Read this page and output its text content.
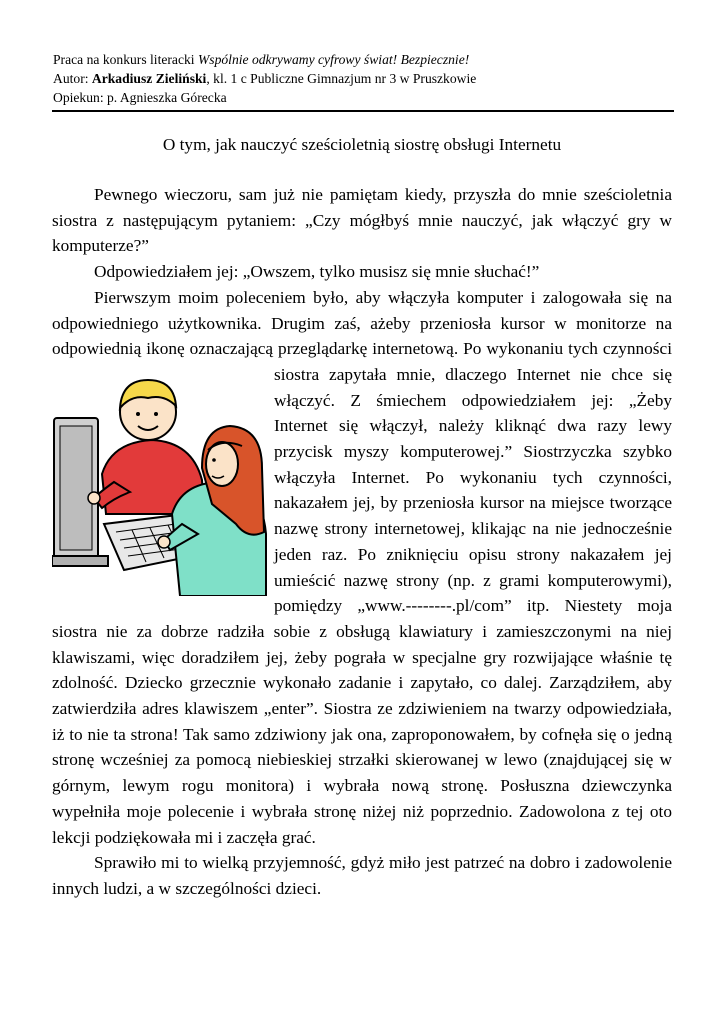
Praca na konkurs literacki Wspólnie odkrywamy cyfrowy świat! Bezpiecznie!
Autor: Arkadiusz Zieliński, kl. 1 c Publiczne Gimnazjum nr 3 w Pruszkowie
Opiekun: p. Agnieszka Górecka
O tym, jak nauczyć sześcioletnią siostrę obsługi Internetu

Pewnego wieczoru, sam już nie pamiętam kiedy, przyszła do mnie sześcioletnia siostra z następującym pytaniem: „Czy mógłbyś mnie nauczyć, jak włączyć gry w komputerze?”

Odpowiedziałem jej: „Owszem, tylko musisz się mnie słuchać!”

Pierwszym moim poleceniem było, aby włączyła komputer i zalogowała się na odpowiedniego użytkownika. Drugim zaś, ażeby przeniosła kursor w monitorze na odpowiednią ikonę oznaczającą przeglądarkę internetową. Po wykonaniu tych czynności siostra zapytała mnie, dlaczego Internet nie chce się
włączyć. Z śmiechem odpowiedziałem jej: „Żeby Internet się włączył, należy kliknąć dwa razy lewy przycisk myszy komputerowej.” Siostrzyczka szybko włączyła Internet. Po wykonaniu tych czynności, nakazałem jej, by przeniosła kursor na miejsce tworzące nazwę strony internetowej, klikając na nie jednocześnie jeden raz. Po zniknięciu opisu strony nakazałem jej umieścić nazwę strony (np. z grami komputerowymi), pomiędzy „www.--------.pl/com” itp. Niestety moja siostra nie za dobrze radziła sobie z obsługą klawiatury i zamieszczonymi na niej klawiszami, więc doradziłem jej, żeby pograła w specjalne gry rozwijające właśnie tę zdolność. Dziecko grzecznie wykonało zadanie i zapytało, co dalej. Zarządziłem, aby zatwierdziła adres klawiszem „enter”. Siostra ze zdziwieniem na twarzy odpowiedziała, iż to nie ta strona! Tak samo zdziwiony jak ona, zaproponowałem, by cofnęła się o jedną stronę wcześniej za pomocą niebieskiej strzałki skierowanej w lewo (znajdującej się w górnym, lewym rogu monitora) i wybrała nową stronę. Posłuszna dziewczynka wypełniła moje polecenie i wybrała stronę niżej niż poprzednio. Zadowolona z tej oto lekcji podziękowała mi i zaczęła grać.

Sprawiło mi to wielką przyjemność, gdyż miło jest patrzeć na dobro i zadowolenie innych ludzi, a w szczególności dzieci.
